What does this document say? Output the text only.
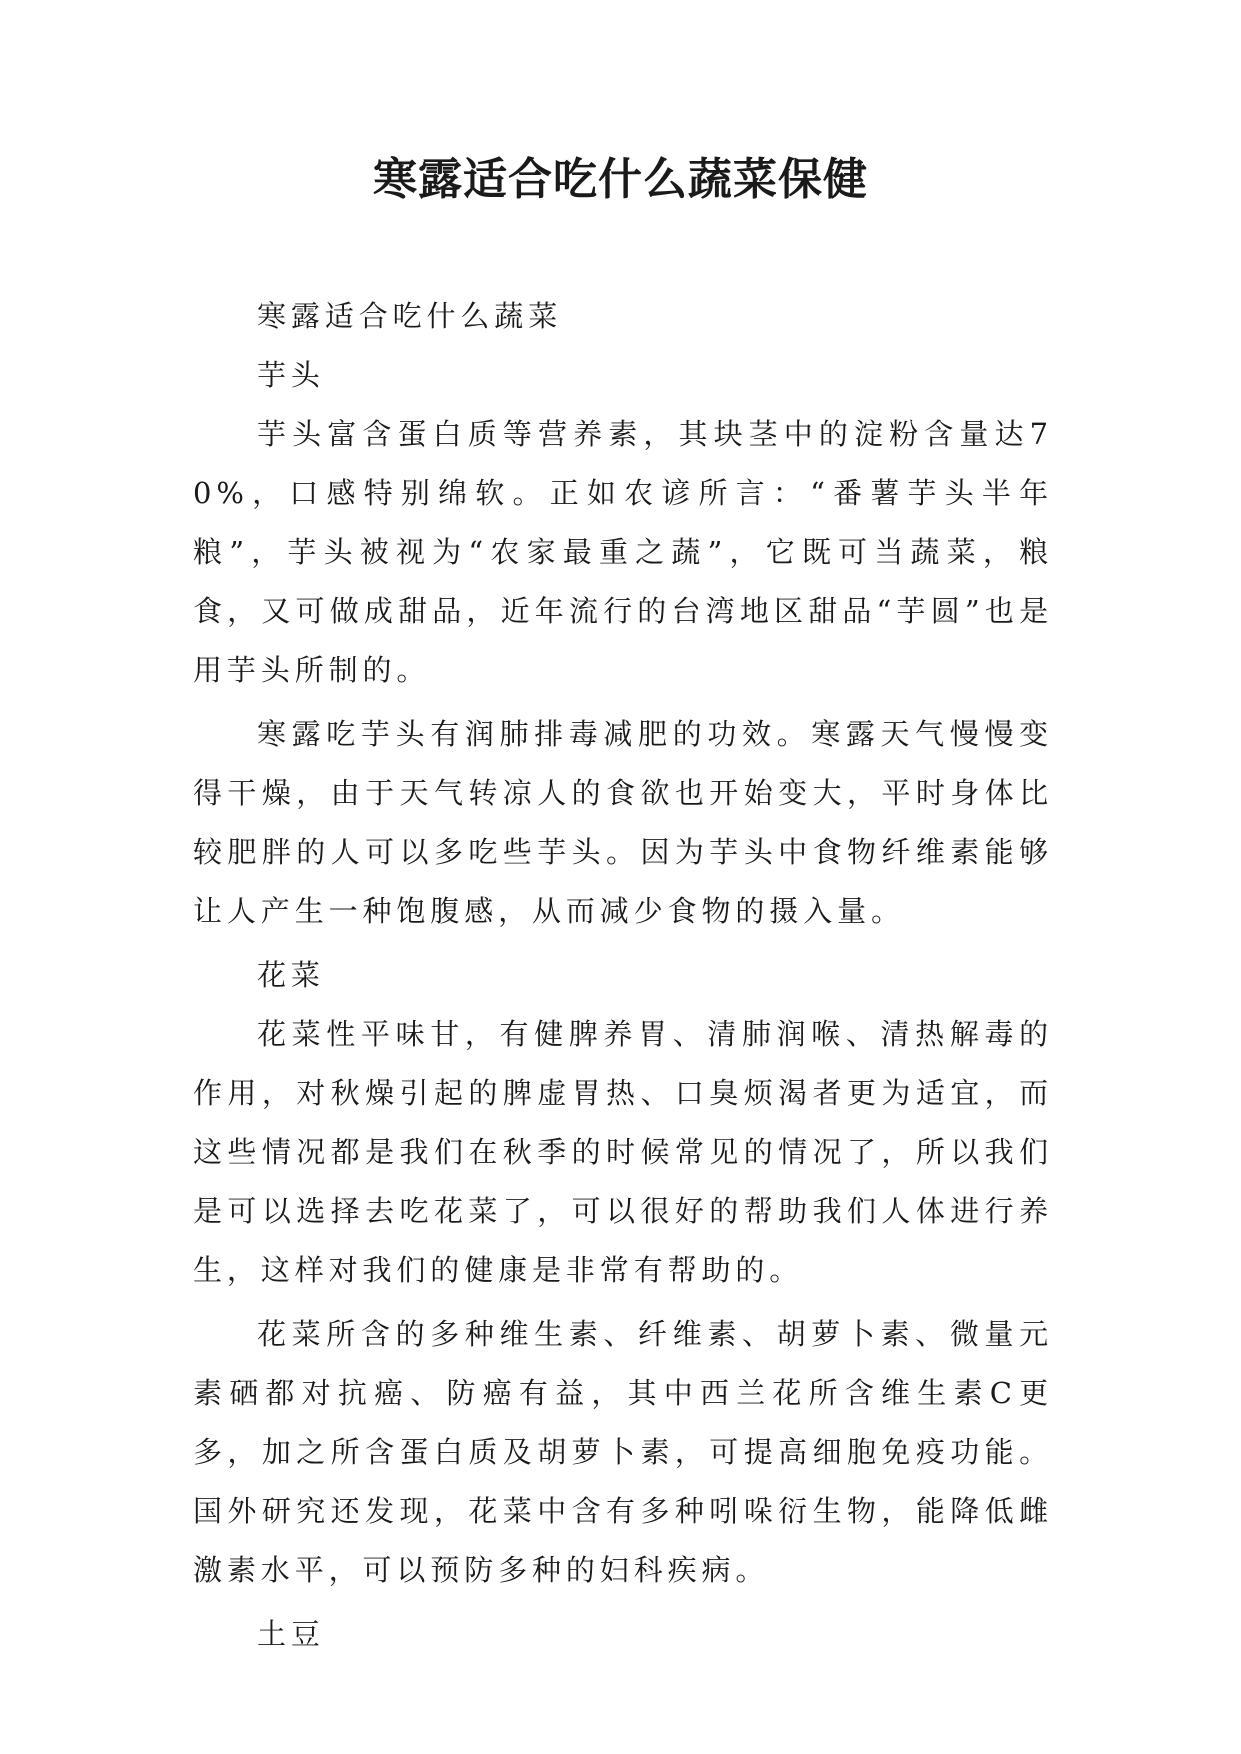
寒露适合吃什么蔬菜保健

寒露适合吃什么蔬菜

芋头

芋头富含蛋白质等营养素，其块茎中的淀粉含量达70%，口感特别绵软。正如农谚所言：“番薯芋头半年粮”，芋头被视为“农家最重之蔬”，它既可当蔬菜，粮食，又可做成甜品，近年流行的台湾地区甜品“芋圆”也是用芋头所制的。

寒露吃芋头有润肺排毒减肥的功效。寒露天气慢慢变得干燥，由于天气转凉人的食欲也开始变大，平时身体比较肥胖的人可以多吃些芋头。因为芋头中食物纤维素能够让人产生一种饱腹感，从而减少食物的摄入量。

花菜

花菜性平味甘，有健脾养胃、清肺润喉、清热解毒的作用，对秋燥引起的脾虚胃热、口臭烦渴者更为适宜，而这些情况都是我们在秋季的时候常见的情况了，所以我们是可以选择去吃花菜了，可以很好的帮助我们人体进行养生，这样对我们的健康是非常有帮助的。

花菜所含的多种维生素、纤维素、胡萝卜素、微量元素硒都对抗癌、防癌有益，其中西兰花所含维生素C更多，加之所含蛋白质及胡萝卜素，可提高细胞免疫功能。国外研究还发现，花菜中含有多种吲哚衍生物，能降低雌激素水平，可以预防多种的妇科疾病。

土豆
